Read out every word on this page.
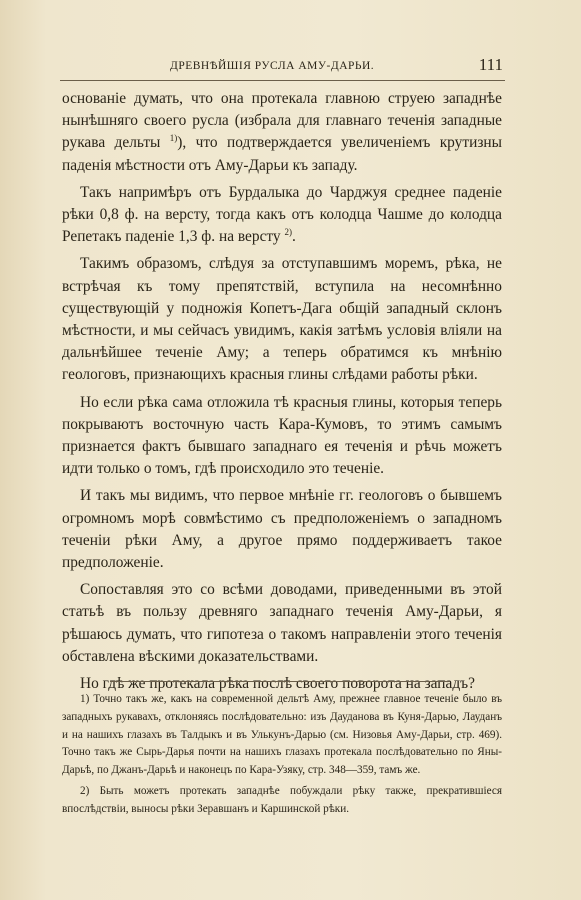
ДРЕВНѢЙШІЯ РУСЛА АМУ-ДАРЬИ.	111

основаніе думать, что она протекала главною струею западнѣе нынѣшняго своего русла (избрала для главнаго теченія западные рукава дельты $^{1)}$), что подтверждается увеличеніемъ крутизны паденія мѣстности отъ Аму-Дарьи къ западу.

Такъ напримѣръ отъ Бурдалыка до Чарджуя среднее паденіе рѣки 0,8 ф. на версту, тогда какъ отъ колодца Чашме до колодца Репетакъ паденіе 1,3 ф. на версту $^{2)}$.

Такимъ образомъ, слѣдуя за отступавшимъ моремъ, рѣка, не встрѣчая къ тому препятствій, вступила на несомнѣнно существующій у подножія Копетъ-Дага общій западный склонъ мѣстности, и мы сейчасъ увидимъ, какія затѣмъ условія вліяли на дальнѣйшее теченіе Аму; а теперь обратимся къ мнѣнію геологовъ, признающихъ красныя глины слѣдами работы рѣки.

Но если рѣка сама отложила тѣ красныя глины, которыя теперь покрываютъ восточную часть Кара-Кумовъ, то этимъ самымъ признается фактъ бывшаго западнаго ея теченія и рѣчь можетъ идти только о томъ, гдѣ происходило это теченіе.

И такъ мы видимъ, что первое мнѣніе гг. геологовъ о бывшемъ огромномъ морѣ совмѣстимо съ предположеніемъ о западномъ теченіи рѣки Аму, а другое прямо поддерживаетъ такое предположеніе.

Сопоставляя это со всѣми доводами, приведенными въ этой статьѣ въ пользу древняго западнаго теченія Аму-Дарьи, я рѣшаюсь думать, что гипотеза о такомъ направленіи этого теченія обставлена вѣскими доказательствами.

Но гдѣ же протекала рѣка послѣ своего поворота на западъ?

1) Точно такъ же, какъ на современной дельтѣ Аму, прежнее главное теченіе было въ западныхъ рукавахъ, отклоняясь послѣдовательно: изъ Дауданова въ Куня-Дарью, Лауданъ и на нашихъ глазахъ въ Талдыкъ и въ Улькунъ-Дарью (см. Низовья Аму-Дарьи, стр. 469). Точно такъ же Сырь-Дарья почти на нашихъ глазахъ протекала послѣдовательно по Яны-Дарьѣ, по Джанъ-Дарьѣ и наконецъ по Кара-Узяку, стр. 348—359, тамъ же.

2) Быть можетъ протекать западнѣе побуждали рѣку также, прекратившіеся впослѣдствіи, выносы рѣки Зеравшанъ и Каршинской рѣки.
